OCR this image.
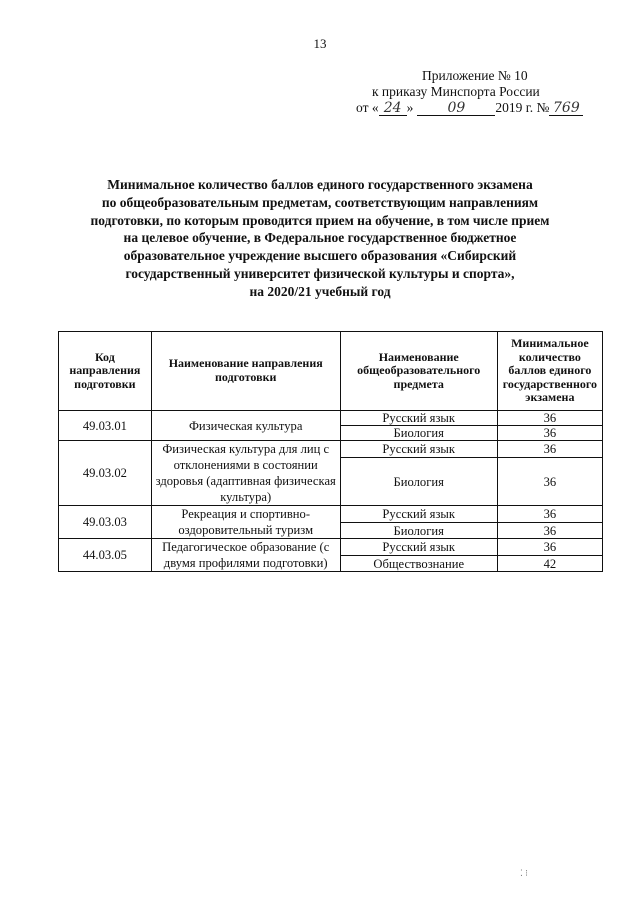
13
Приложение № 10
к приказу Минспорта России
от « 24 »	09	2019 г. № 769
Минимальное количество баллов единого государственного экзамена
по общеобразовательным предметам, соответствующим направлениям
подготовки, по которым проводится прием на обучение, в том числе прием
на целевое обучение, в Федеральное государственное бюджетное
образовательное учреждение высшего образования «Сибирский
государственный университет физической культуры и спорта»,
на 2020/21 учебный год
Код направления подготовки	Наименование направления подготовки	Наименование общеобразовательного предмета	Минимальное количество баллов единого государственного экзамена
49.03.01	Физическая культура	Русский язык	36
		Биология	36
49.03.02	Физическая культура для лиц с отклонениями в состоянии здоровья (адаптивная физическая культура)	Русский язык	36
		Биология	36
49.03.03	Рекреация и спортивно-оздоровительный туризм	Русский язык	36
		Биология	36
44.03.05	Педагогическое образование (с двумя профилями подготовки)	Русский язык	36
		Обществознание	42
⁚ ⁝
